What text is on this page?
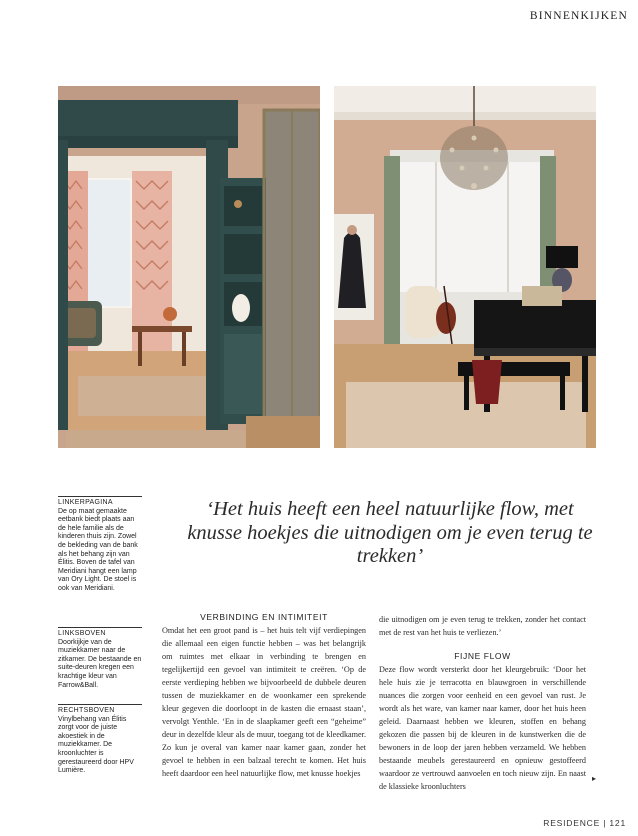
BINNENKIJKEN
LINKERPAGINA
De op maat gemaakte eetbank biedt plaats aan de hele familie als de kinderen thuis zijn. Zowel de bekleding van de bank als het behang zijn van Élitis. Boven de tafel van Meridiani hangt een lamp van Ory Light. De stoel is ook van Meridiani.
LINKSBOVEN
Doorkijkje van de muziekkamer naar de zitkamer. De bestaande en suite-deuren kregen een krachtige kleur van Farrow&Ball.
RECHTSBOVEN
Vinylbehang van Élitis zorgt voor de juiste akoestiek in de muziekkamer. De kroonluchter is gerestaureerd door HPV Lumière.
‘Het huis heeft een heel natuurlijke flow, met knusse hoekjes die uitnodigen om je even terug te trekken’
VERBINDING EN INTIMITEIT

Omdat het een groot pand is – het huis telt vijf verdiepingen die allemaal een eigen functie hebben – was het belangrijk om ruimtes met elkaar in verbinding te brengen en tegelijkertijd een gevoel van intimiteit te creëren. ‘Op de eerste verdieping hebben we bijvoorbeeld de dubbele deuren tussen de muziekkamer en de woonkamer een sprekende kleur gegeven die doorloopt in de kasten die ernaast staan’, vervolgt Yenthle. ‘En in de slaapkamer geeft een “geheime” deur in dezelfde kleur als de muur, toegang tot de kleedkamer. Zo kun je overal van kamer naar kamer gaan, zonder het gevoel te hebben in een balzaal terecht te komen. Het huis heeft daardoor een heel natuurlijke flow, met knusse hoekjes

die uitnodigen om je even terug te trekken, zonder het contact met de rest van het huis te verliezen.’

FIJNE FLOW

Deze flow wordt versterkt door het kleurgebruik: ‘Door het hele huis zie je terracotta en blauwgroen in verschillende nuances die zorgen voor eenheid en een gevoel van rust. Je wordt als het ware, van kamer naar kamer, door het huis heen geleid. Daarnaast hebben we kleuren, stoffen en behang gekozen die passen bij de kleuren in de kunstwerken die de bewoners in de loop der jaren hebben verzameld. We hebben bestaande meubels gerestaureerd en opnieuw gestoffeerd waardoor ze vertrouwd aanvoelen en toch nieuw zijn. En naast de klassieke kroonluchters

▸
RESIDENCE | 121
